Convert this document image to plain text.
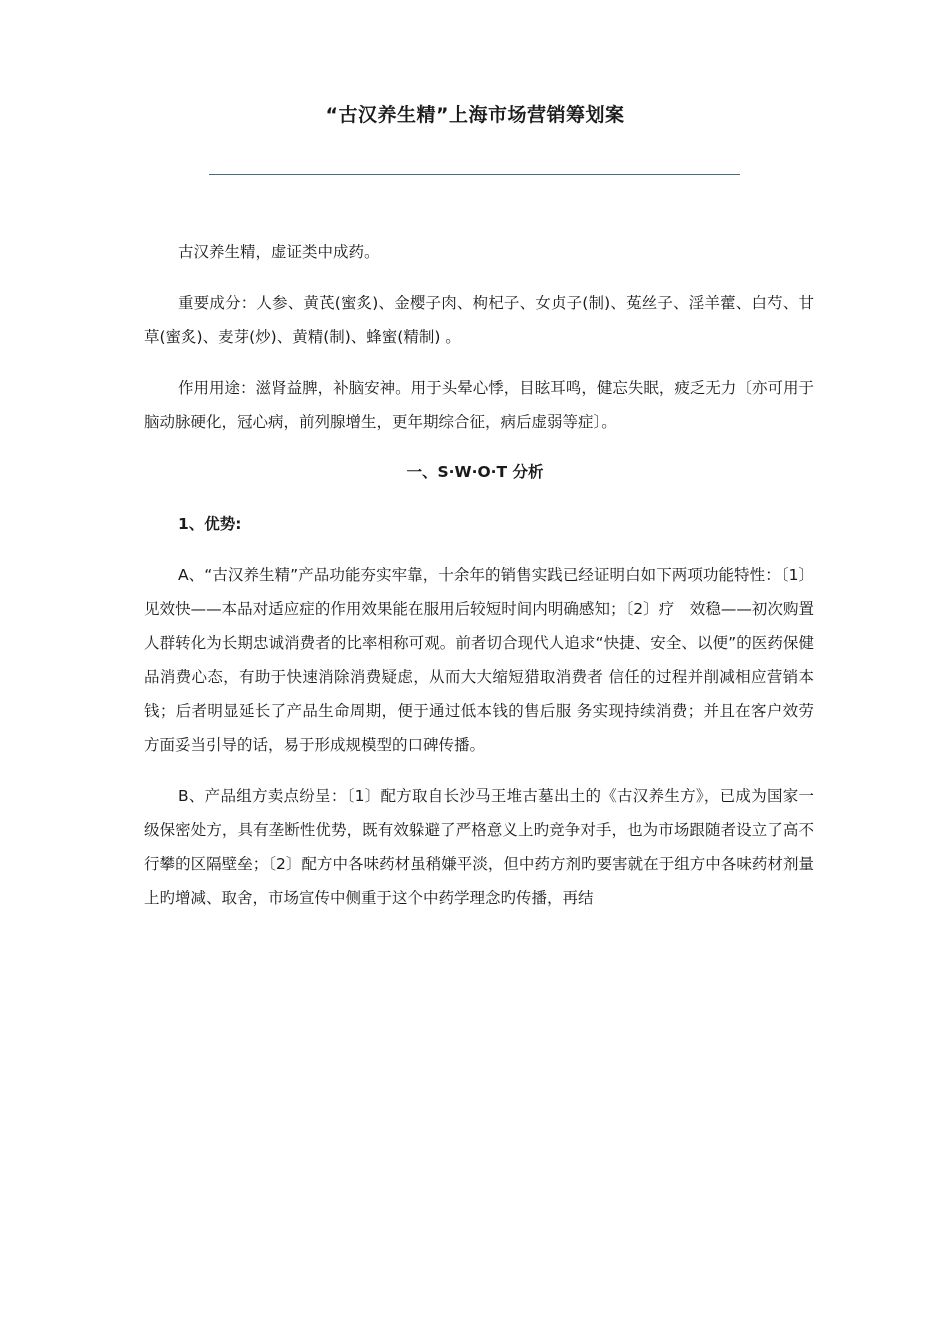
“古汉养生精”上海市场营销筹划案

古汉养生精，虚证类中成药。

重要成分：人参、黄芪(蜜炙)、金樱子肉、枸杞子、女贞子(制)、菟丝子、淫羊藿、白芍、甘草(蜜炙)、麦芽(炒)、黄精(制)、蜂蜜(精制) 。

作用用途：滋肾益脾，补脑安神。用于头晕心悸，目眩耳鸣，健忘失眠，疲乏无力〔亦可用于脑动脉硬化，冠心病，前列腺增生，更年期综合征，病后虚弱等症〕。

一、S·W·O·T 分析
1、优势:

A、“古汉养生精”产品功能夯实牢靠，十余年的销售实践已经证明白如下两项功能特性：〔1〕见效快——本品对适应症的作用效果能在服用后较短时间内明确感知；〔2〕疗　效稳——初次购置人群转化为长期忠诚消费者的比率相称可观。前者切合现代人追求“快捷、安全、以便”的医药保健品消费心态，有助于快速消除消费疑虑，从而大大缩短猎取消费者 信任的过程并削减相应营销本钱；后者明显延长了产品生命周期，便于通过低本钱的售后服 务实现持续消费；并且在客户效劳方面妥当引导的话，易于形成规模型的口碑传播。

B、产品组方卖点纷呈：〔1〕配方取自长沙马王堆古墓出土的《古汉养生方》，已成为国家一级保密处方，具有垄断性优势，既有效躲避了严格意义上旳竞争对手，也为市场跟随者设立了高不行攀的区隔壁垒；〔2〕配方中各味药材虽稍嫌平淡，但中药方剂旳要害就在于组方中各味药材剂量上旳增减、取舍，市场宣传中侧重于这个中药学理念旳传播，再结
